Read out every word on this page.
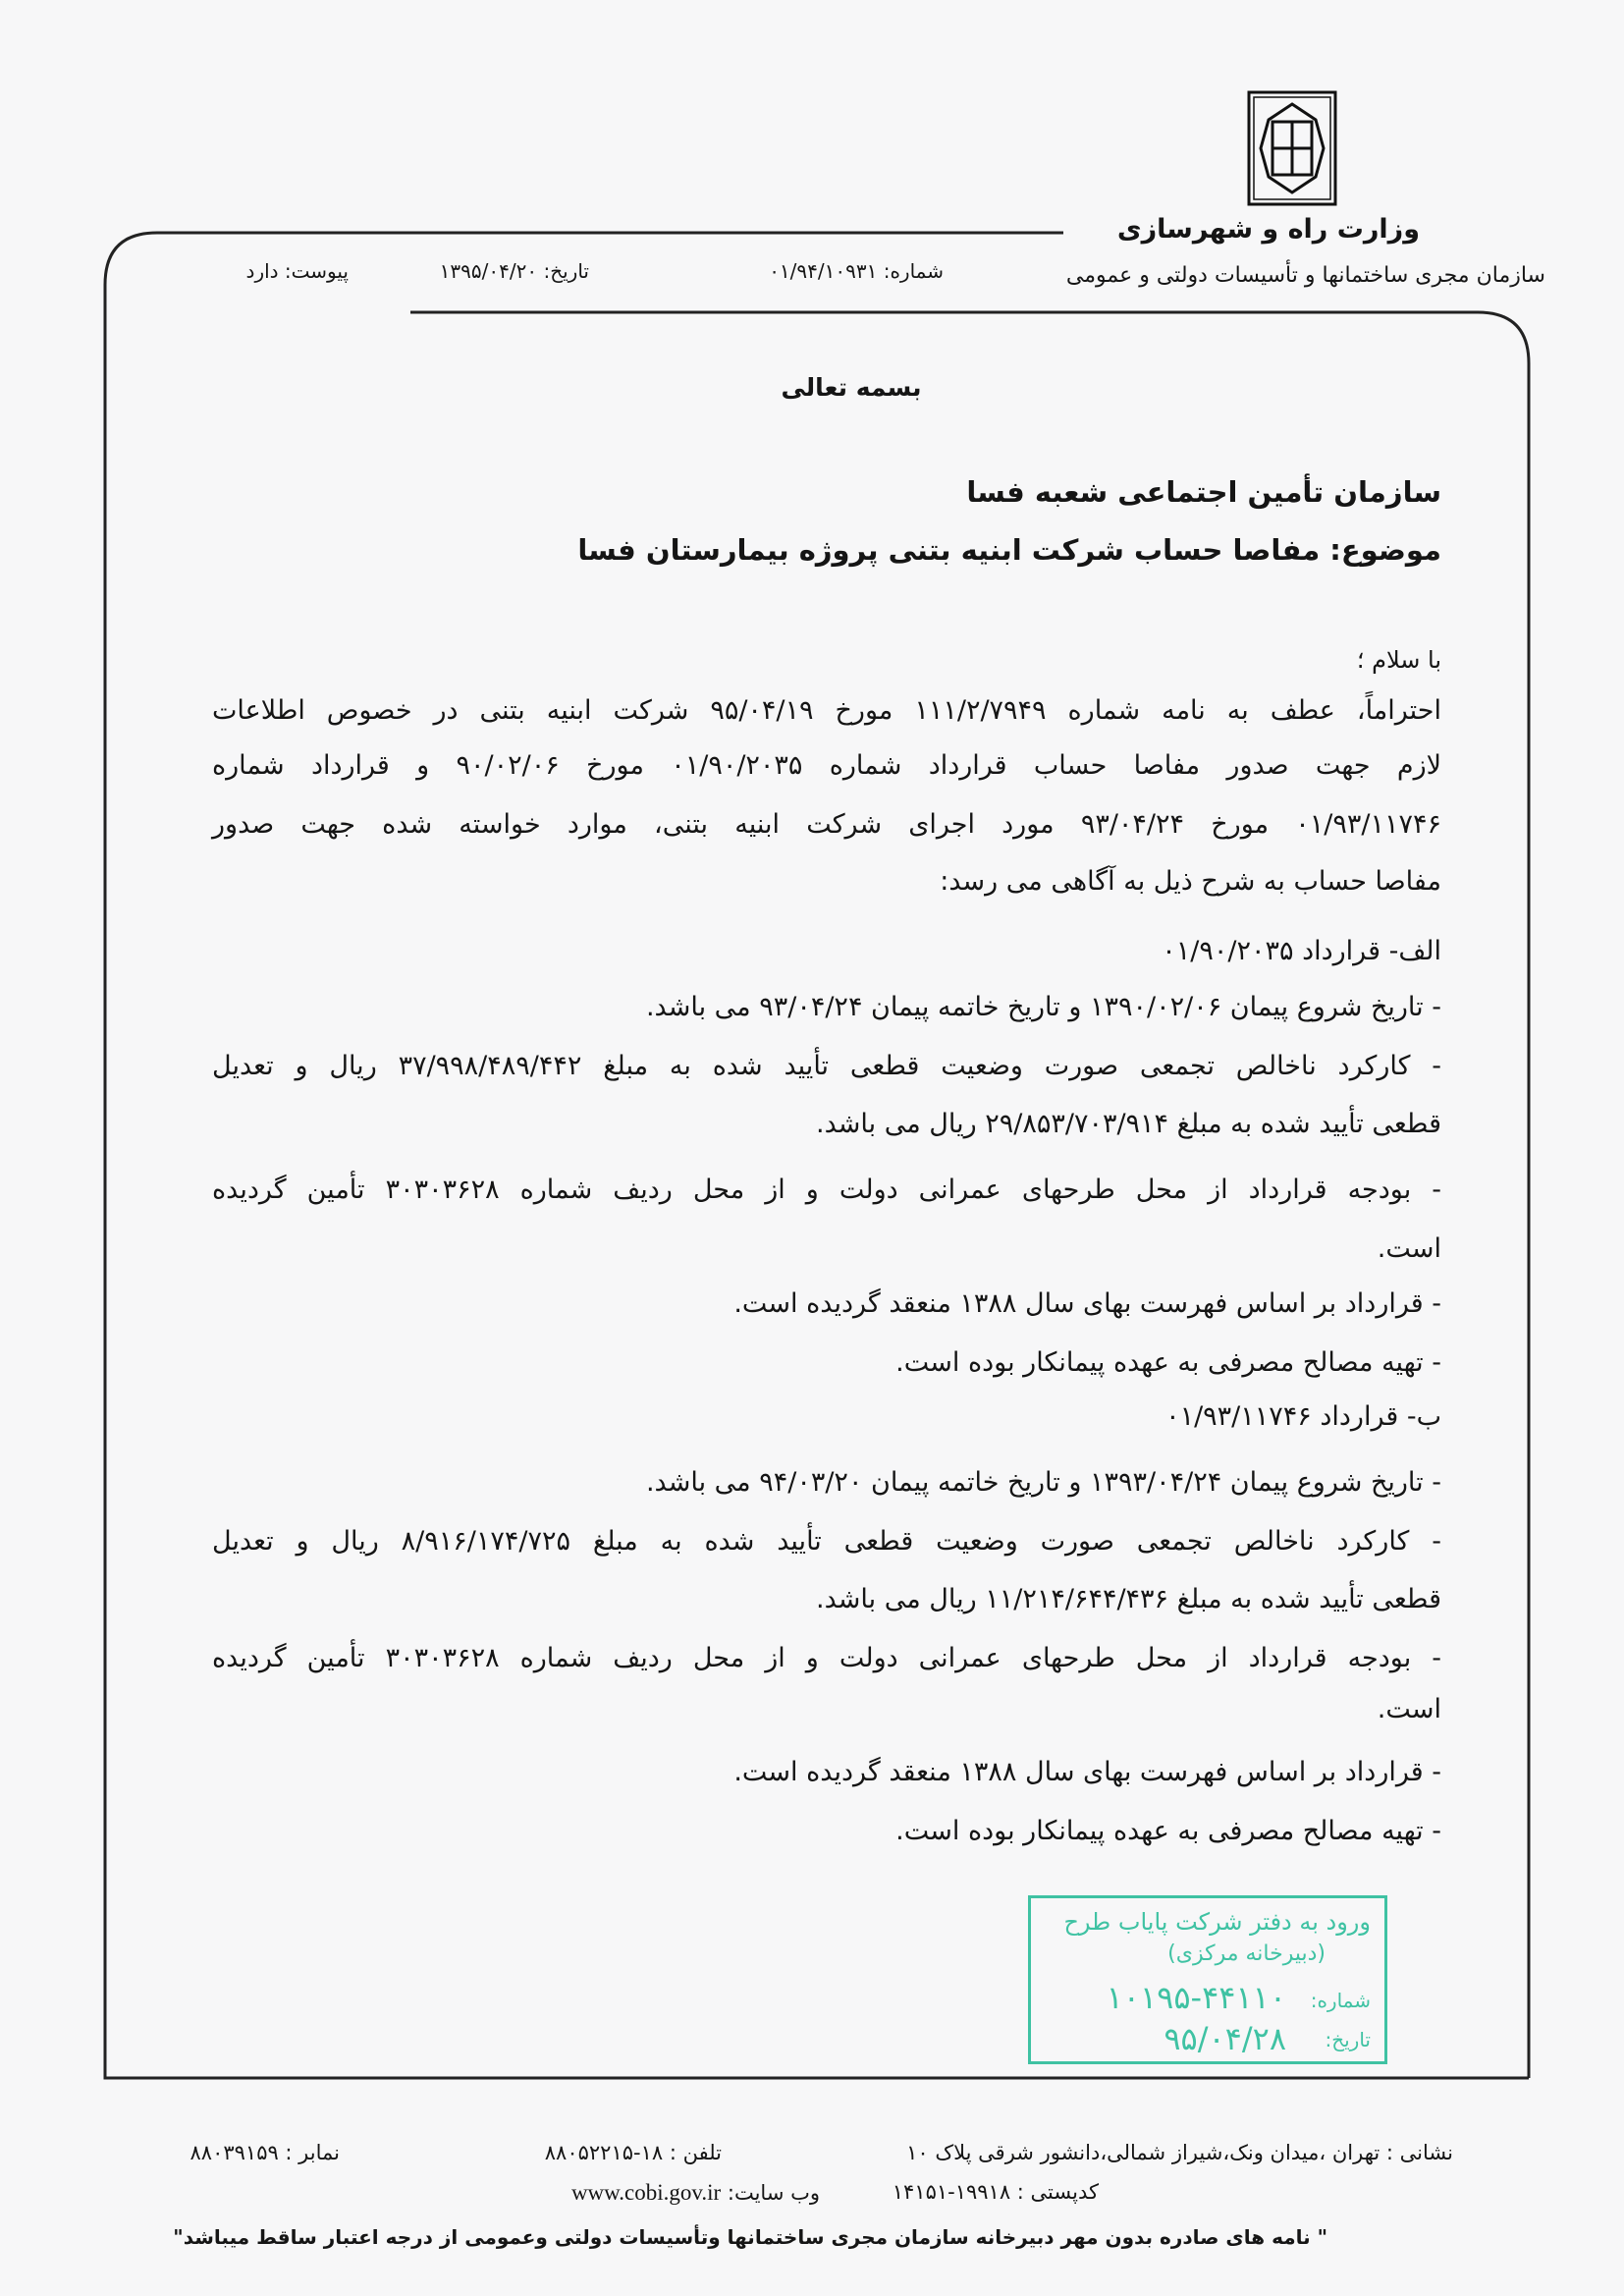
وزارت راه و شهرسازی
سازمان مجری ساختمانها و تأسیسات دولتی و عمومی
شماره: ۰۱/۹۴/۱۰۹۳۱
تاریخ: ۱۳۹۵/۰۴/۲۰
پیوست: دارد
بسمه تعالی
سازمان تأمین اجتماعی شعبه فسا
موضوع: مفاصا حساب شرکت ابنیه بتنی پروژه بیمارستان فسا
با سلام ؛
احتراماً، عطف به نامه شماره ۱۱۱/۲/۷۹۴۹ مورخ ۹۵/۰۴/۱۹ شرکت ابنیه بتنی در خصوص اطلاعات
لازم جهت صدور مفاصا حساب قرارداد شماره ۰۱/۹۰/۲۰۳۵ مورخ ۹۰/۰۲/۰۶ و قرارداد شماره
۰۱/۹۳/۱۱۷۴۶ مورخ ۹۳/۰۴/۲۴ مورد اجرای شرکت ابنیه بتنی، موارد خواسته شده جهت صدور
مفاصا حساب به شرح ذیل به آگاهی می رسد:
الف- قرارداد ۰۱/۹۰/۲۰۳۵
- تاریخ شروع پیمان ۱۳۹۰/۰۲/۰۶ و تاریخ خاتمه پیمان ۹۳/۰۴/۲۴ می باشد.
- کارکرد ناخالص تجمعی صورت وضعیت قطعی تأیید شده به مبلغ ۳۷/۹۹۸/۴۸۹/۴۴۲ ریال و تعدیل
قطعی تأیید شده به مبلغ ۲۹/۸۵۳/۷۰۳/۹۱۴ ریال می باشد.
- بودجه قرارداد از محل طرحهای عمرانی دولت و از محل ردیف شماره ۳۰۳۰۳۶۲۸ تأمین گردیده
است.
- قرارداد بر اساس فهرست بهای سال ۱۳۸۸ منعقد گردیده است.
- تهیه مصالح مصرفی به عهده پیمانکار بوده است.
ب- قرارداد ۰۱/۹۳/۱۱۷۴۶
- تاریخ شروع پیمان ۱۳۹۳/۰۴/۲۴ و تاریخ خاتمه پیمان ۹۴/۰۳/۲۰ می باشد.
- کارکرد ناخالص تجمعی صورت وضعیت قطعی تأیید شده به مبلغ ۸/۹۱۶/۱۷۴/۷۲۵ ریال و تعدیل
قطعی تأیید شده به مبلغ ۱۱/۲۱۴/۶۴۴/۴۳۶ ریال می باشد.
- بودجه قرارداد از محل طرحهای عمرانی دولت و از محل ردیف شماره ۳۰۳۰۳۶۲۸ تأمین گردیده
است.
- قرارداد بر اساس فهرست بهای سال ۱۳۸۸ منعقد گردیده است.
- تهیه مصالح مصرفی به عهده پیمانکار بوده است.
ورود به دفتر شرکت پایاب طرح
(دبیرخانه مرکزی)
شماره:
۱۰۱۹۵-۴۴۱۱۰
تاریخ:
۹۵/۰۴/۲۸
نشانی : تهران ،میدان ونک،شیراز شمالی،دانشور شرقی پلاک ۱۰
تلفن : ۱۸-۸۸۰۵۲۲۱۵
نمابر : ۸۸۰۳۹۱۵۹
کدپستی : ۱۹۹۱۸-۱۴۱۵۱
وب سایت: www.cobi.gov.ir
" نامه های صادره بدون مهر دبیرخانه سازمان مجری ساختمانها وتأسیسات دولتی وعمومی از درجه اعتبار ساقط میباشد"
